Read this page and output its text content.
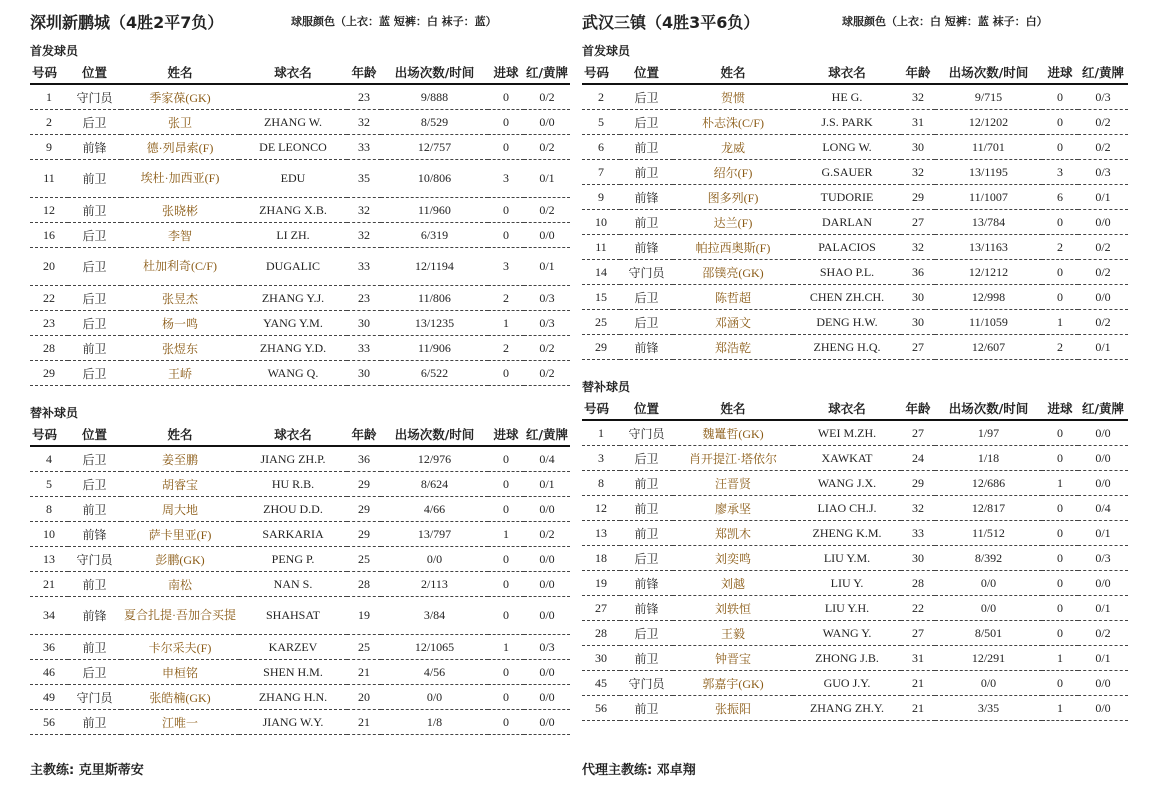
深圳新鹏城（4胜2平7负）	球服颜色（上衣：蓝 短裤：白 袜子：蓝）
首发球员
号码	位置	姓名	球衣名	年龄	出场次数/时间	进球	红/黄牌
1	守门员	季家葆(GK)		23	9/888	0	0/2
2	后卫	张卫	ZHANG W.	32	8/529	0	0/0
9	前锋	德·列昂索(F)	DE LEONCO	33	12/757	0	0/2
11	前卫	埃杜·加西亚(F)	EDU	35	10/806	3	0/1
12	前卫	张晓彬	ZHANG X.B.	32	11/960	0	0/2
16	后卫	李智	LI ZH.	32	6/319	0	0/0
20	后卫	杜加利奇(C/F)	DUGALIC	33	12/1194	3	0/1
22	后卫	张昱杰	ZHANG Y.J.	23	11/806	2	0/3
23	后卫	杨一鸣	YANG Y.M.	30	13/1235	1	0/3
28	前卫	张煜东	ZHANG Y.D.	33	11/906	2	0/2
29	后卫	王峤	WANG Q.	30	6/522	0	0/2
替补球员
号码	位置	姓名	球衣名	年龄	出场次数/时间	进球	红/黄牌
4	后卫	姜至鹏	JIANG ZH.P.	36	12/976	0	0/4
5	后卫	胡睿宝	HU R.B.	29	8/624	0	0/1
8	前卫	周大地	ZHOU D.D.	29	4/66	0	0/0
10	前锋	萨卡里亚(F)	SARKARIA	29	13/797	1	0/2
13	守门员	彭鹏(GK)	PENG P.	25	0/0	0	0/0
21	前卫	南松	NAN S.	28	2/113	0	0/0
34	前锋	夏合扎提·吾加合买提	SHAHSAT	19	3/84	0	0/0
36	前卫	卡尔采夫(F)	KARZEV	25	12/1065	1	0/3
46	后卫	申桓铭	SHEN H.M.	21	4/56	0	0/0
49	守门员	张皓楠(GK)	ZHANG H.N.	20	0/0	0	0/0
56	前卫	江唯一	JIANG W.Y.	21	1/8	0	0/0
武汉三镇（4胜3平6负）	球服颜色（上衣：白 短裤：蓝 袜子：白）
首发球员
号码	位置	姓名	球衣名	年龄	出场次数/时间	进球	红/黄牌
2	后卫	贺惯	HE G.	32	9/715	0	0/3
5	后卫	朴志洙(C/F)	J.S. PARK	31	12/1202	0	0/2
6	前卫	龙威	LONG W.	30	11/701	0	0/2
7	前卫	绍尔(F)	G.SAUER	32	13/1195	3	0/3
9	前锋	图多列(F)	TUDORIE	29	11/1007	6	0/1
10	前卫	达兰(F)	DARLAN	27	13/784	0	0/0
11	前锋	帕拉西奥斯(F)	PALACIOS	32	13/1163	2	0/2
14	守门员	邵镤亮(GK)	SHAO P.L.	36	12/1212	0	0/2
15	后卫	陈哲超	CHEN ZH.CH.	30	12/998	0	0/0
25	后卫	邓涵文	DENG H.W.	30	11/1059	1	0/2
29	前锋	郑浩乾	ZHENG H.Q.	27	12/607	2	0/1
替补球员
号码	位置	姓名	球衣名	年龄	出场次数/时间	进球	红/黄牌
1	守门员	魏鼍哲(GK)	WEI M.ZH.	27	1/97	0	0/0
3	后卫	肖开提江·塔依尔	XAWKAT	24	1/18	0	0/0
8	前卫	汪晋贤	WANG J.X.	29	12/686	1	0/0
12	前卫	廖承坚	LIAO CH.J.	32	12/817	0	0/4
13	前卫	郑凯木	ZHENG K.M.	33	11/512	0	0/1
18	后卫	刘奕鸣	LIU Y.M.	30	8/392	0	0/3
19	前锋	刘越	LIU Y.	28	0/0	0	0/0
27	前锋	刘轶恒	LIU Y.H.	22	0/0	0	0/1
28	后卫	王毅	WANG Y.	27	8/501	0	0/2
30	前卫	钟晋宝	ZHONG J.B.	31	12/291	1	0/1
45	守门员	郭嘉宇(GK)	GUO J.Y.	21	0/0	0	0/0
56	前卫	张振阳	ZHANG ZH.Y.	21	3/35	1	0/0
主教练: 克里斯蒂安	代理主教练: 邓卓翔
